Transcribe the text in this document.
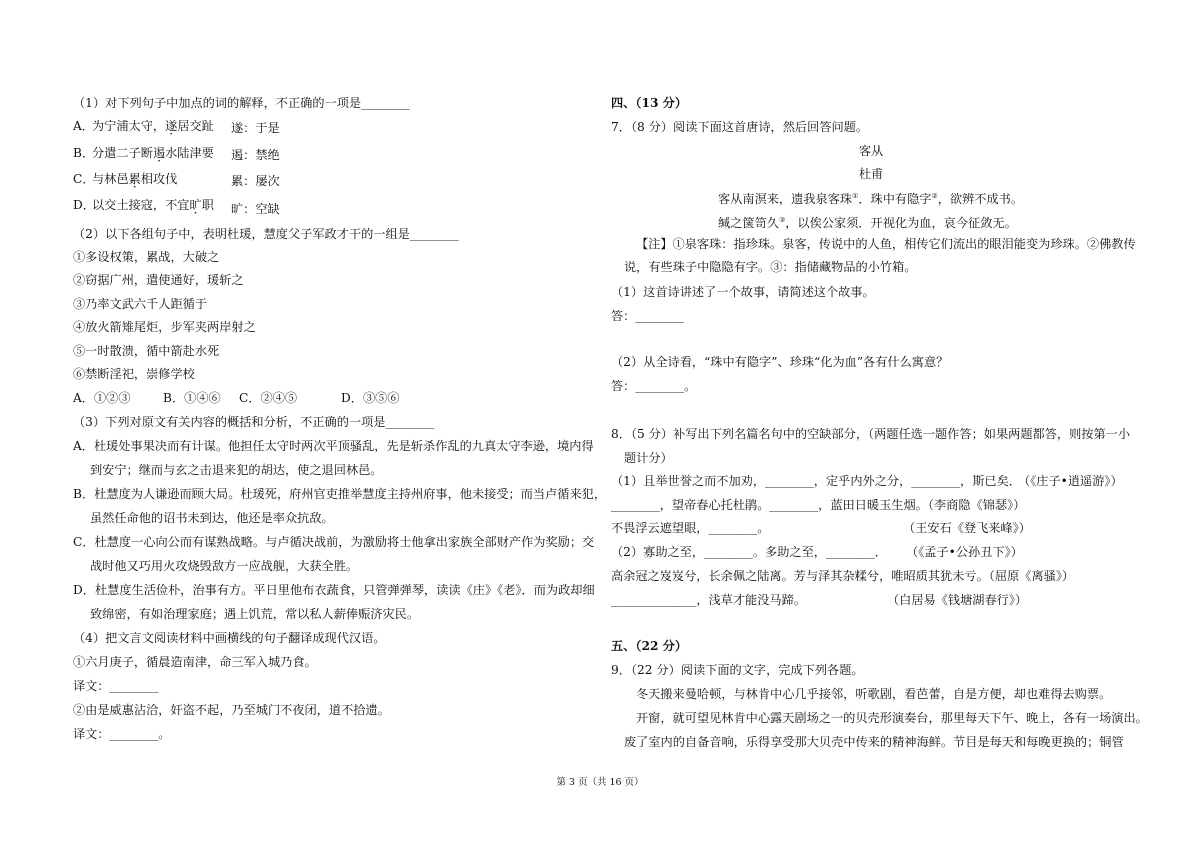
（1）对下列句子中加点的词的解释，不正确的一项是________
A．
为宁浦太守，遂居交趾 遂：于是
B．
分遣二子断遏水陆津要 遏：禁绝
C．
与林邑累相攻伐	累：屡次
D．
以交土接寇，不宜旷职 旷：空缺
（2）以下各组句子中，表明杜瑗，慧度父子军政才干的一组是________
①多设权策，累战，大破之
②窃据广州，遣使通好，瑗斩之
③乃率文武六千人距循于
④放火箭雉尾炬，步军夹两岸射之
⑤一时散溃，循中箭赴水死
⑥禁断淫祀，崇修学校
A．①②③	B．①④⑥ C．②④⑤	D．③⑤⑥
（3）下列对原文有关内容的概括和分析，不正确的一项是________
A．杜瑗处事果决而有计谋。他担任太守时两次平顶骚乱，先是斩杀作乱的九真太守李逊，境内得
到安宁；继而与玄之击退来犯的胡达，使之退回林邑。
B．杜慧度为人谦逊而顾大局。杜瑗死，府州官吏推举慧度主持州府事，他未接受；而当卢循来犯，
虽然任命他的诏书未到达，他还是率众抗敌。
C．杜慧度一心向公而有谋熟战略。与卢循决战前，为激励将士他拿出家族全部财产作为奖励；交
战时他又巧用火攻烧毁敌方一应战舰，大获全胜。
D．杜慧度生活俭朴，治事有方。平日里他布衣蔬食，只管弹弹琴，读读《庄》《老》．而为政却细
致绵密，有如治理家庭；遇上饥荒，常以私人薪俸赈济灾民。
（4）把文言文阅读材料中画横线的句子翻译成现代汉语。
①六月庚子，循晨造南津，命三军入城乃食。
译文：________
②由是威惠沾洽，奸盗不起，乃至城门不夜闭，道不拾遗。
译文：________。
四、（13 分）
7．（8 分）阅读下面这首唐诗，然后回答问题。
客从
杜甫
客从南溟来，遗我泉客珠①．珠中有隐字②，欲辨不成书。
缄之箧笥久③，以俟公家须．开视化为血，哀今征敛无。
【注】①泉客珠：指珍珠。泉客，传说中的人鱼，相传它们流出的眼泪能变为珍珠。②佛教传
说，有些珠子中隐隐有字。③：指储藏物品的小竹箱。
（1）这首诗讲述了一个故事，请简述这个故事。
答：________
（2）从全诗看，“珠中有隐字”、珍珠“化为血”各有什么寓意？
答：________。
8．（5 分）补写出下列名篇名句中的空缺部分，（两题任选一题作答；如果两题都答，则按第一小
题计分）
（1）且举世誉之而不加劝，________，定乎内外之分，________，斯已矣．
（《庄子•逍遥游》）
________，望帝春心托杜鹃。________，蓝田日暖玉生烟。（李商隐《锦瑟》）
不畏浮云遮望眼，________。	（王安石《登飞来峰》）
（2）寡助之至，________。多助之至，________． （《孟子•公孙丑下》）
高余冠之岌岌兮，长余佩之陆离。芳与泽其杂糅兮，唯昭质其犹未亏。（屈原《离骚》）
______________，浅草才能没马蹄。	（白居易《钱塘湖春行》）
五、（22 分）
9．（22 分）阅读下面的文字，完成下列各题。
冬天搬来曼哈顿，与林肯中心几乎接邻，听歌剧，看芭蕾，自是方便，却也难得去购票。
开窗，就可望见林肯中心露天剧场之一的贝壳形演奏台，那里每天下午、晚上，各有一场演出。
废了室内的自备音响，乐得享受那大贝壳中传来的精神海鲜。节目是每天和每晚更换的；铜管
第 3 页（共 16 页）
